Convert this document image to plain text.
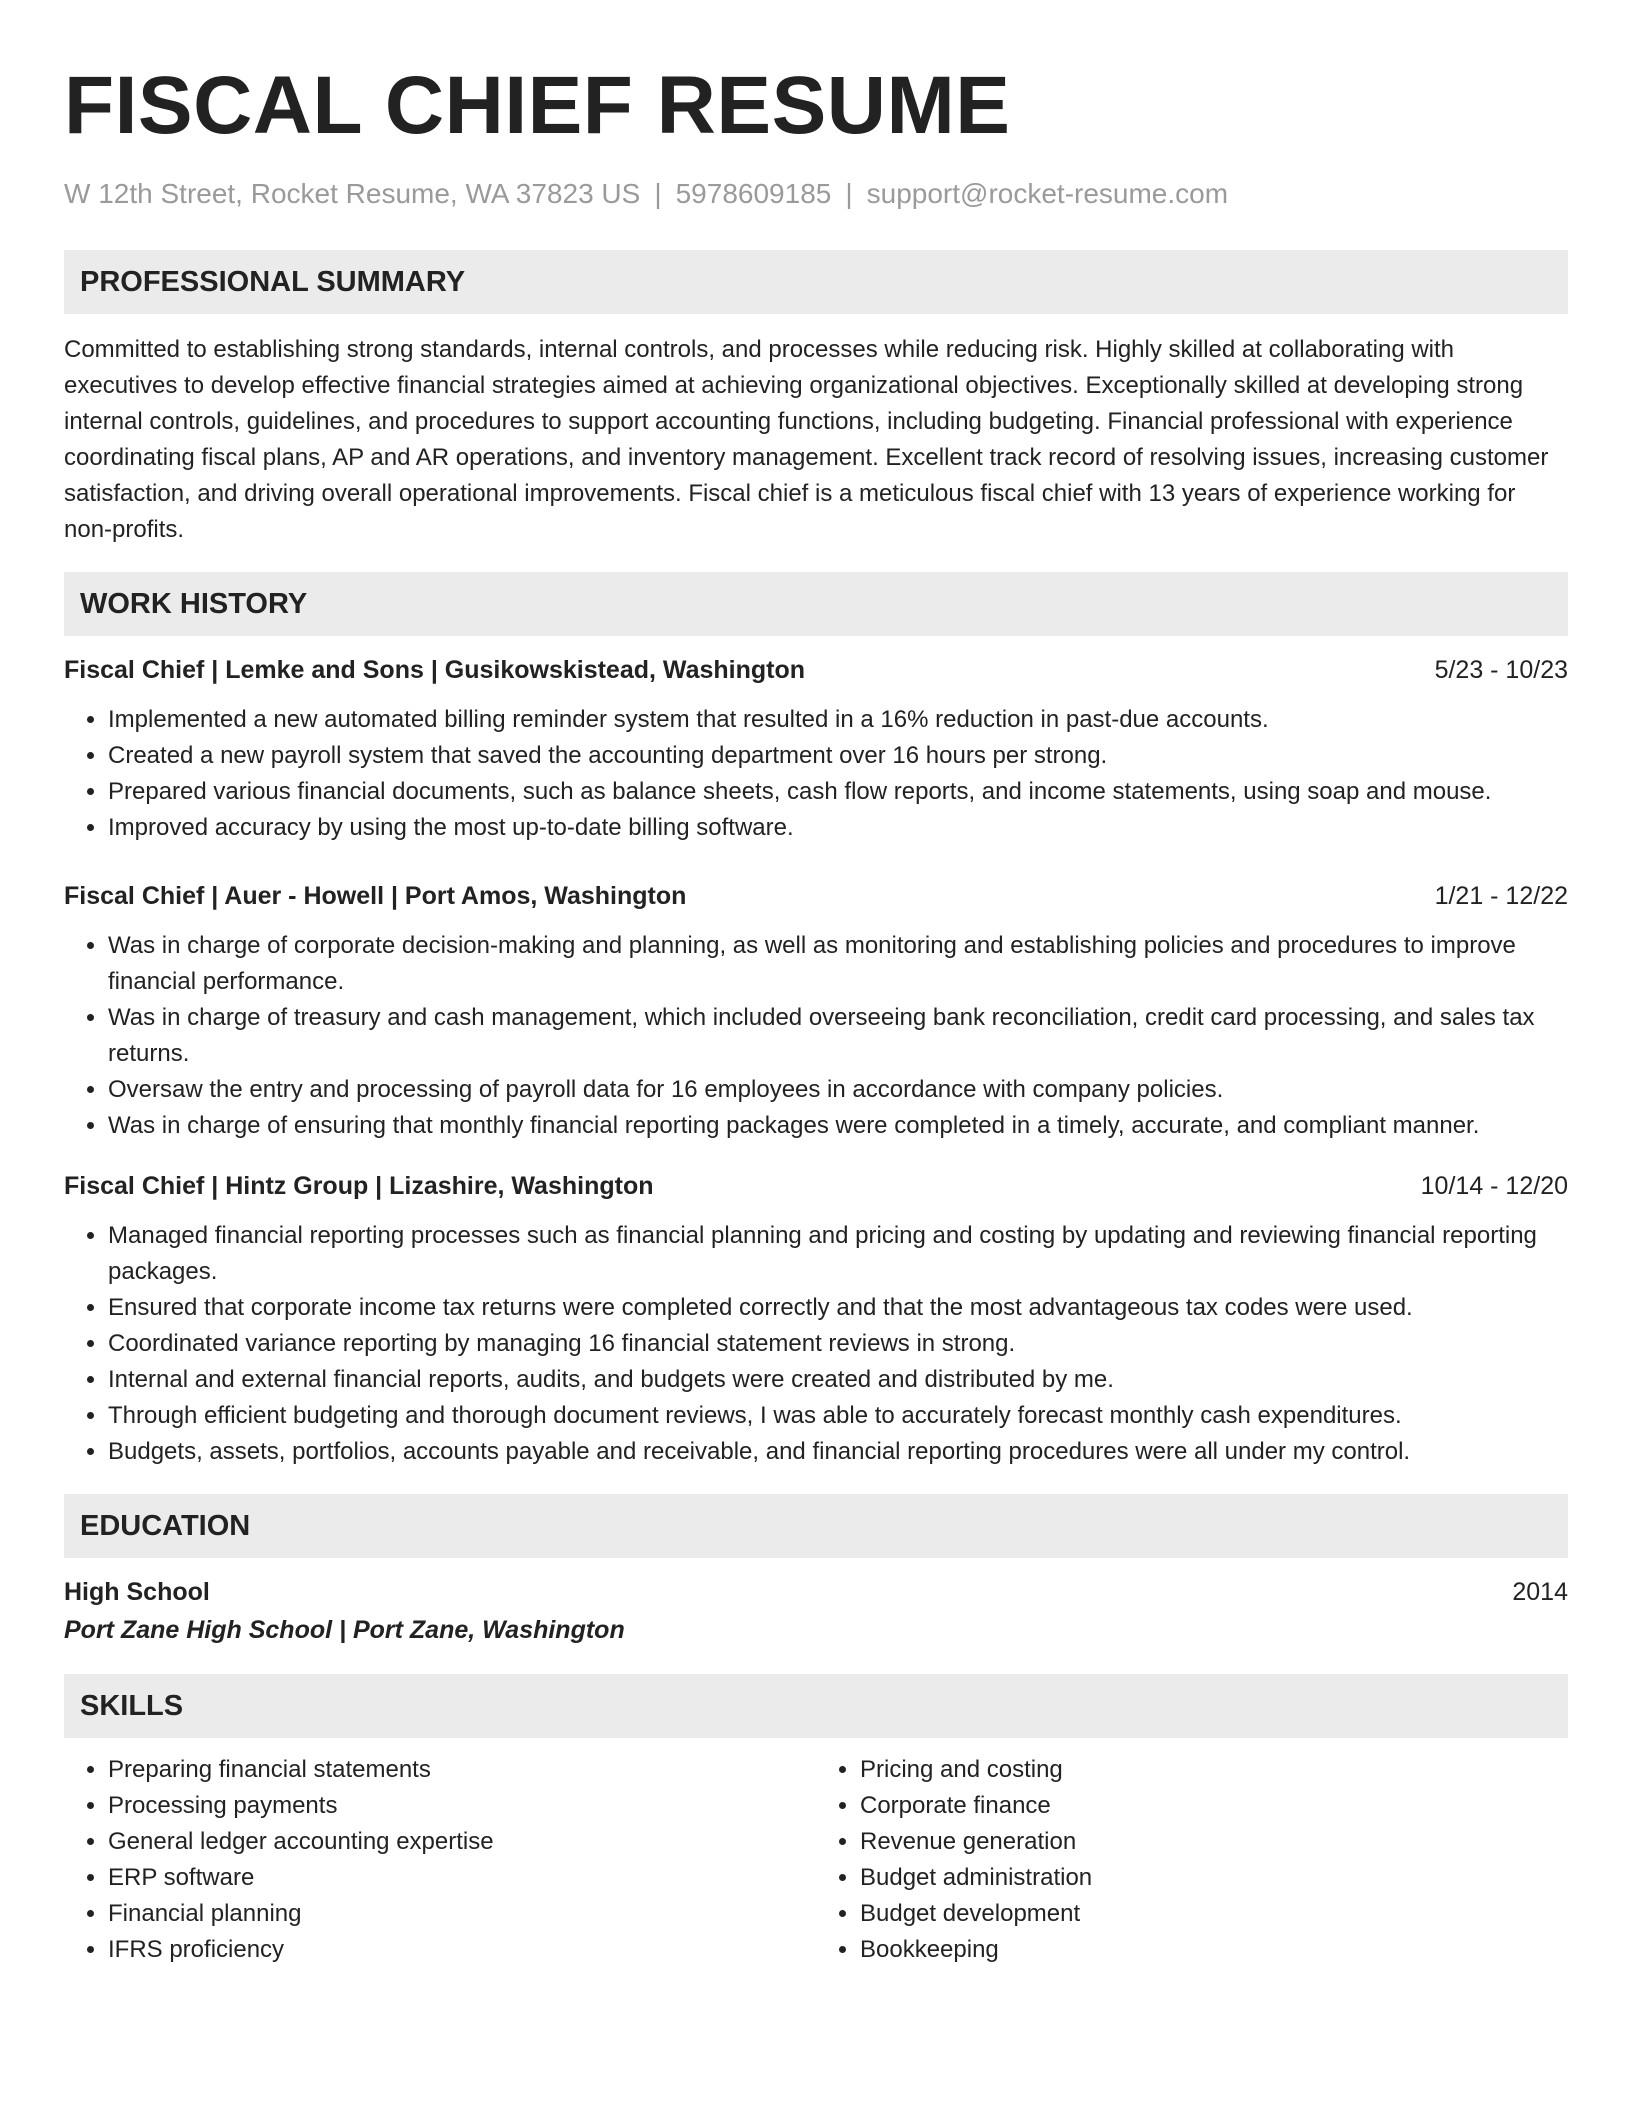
FISCAL CHIEF RESUME
W 12th Street, Rocket Resume, WA 37823 US | 5978609185 | support@rocket-resume.com
PROFESSIONAL SUMMARY
Committed to establishing strong standards, internal controls, and processes while reducing risk. Highly skilled at collaborating with executives to develop effective financial strategies aimed at achieving organizational objectives. Exceptionally skilled at developing strong internal controls, guidelines, and procedures to support accounting functions, including budgeting. Financial professional with experience coordinating fiscal plans, AP and AR operations, and inventory management. Excellent track record of resolving issues, increasing customer satisfaction, and driving overall operational improvements. Fiscal chief is a meticulous fiscal chief with 13 years of experience working for non-profits.
WORK HISTORY
Fiscal Chief | Lemke and Sons | Gusikowskistead, Washington	5/23 - 10/23
• Implemented a new automated billing reminder system that resulted in a 16% reduction in past-due accounts.
• Created a new payroll system that saved the accounting department over 16 hours per strong.
• Prepared various financial documents, such as balance sheets, cash flow reports, and income statements, using soap and mouse.
• Improved accuracy by using the most up-to-date billing software.
Fiscal Chief | Auer - Howell | Port Amos, Washington	1/21 - 12/22
• Was in charge of corporate decision-making and planning, as well as monitoring and establishing policies and procedures to improve financial performance.
• Was in charge of treasury and cash management, which included overseeing bank reconciliation, credit card processing, and sales tax returns.
• Oversaw the entry and processing of payroll data for 16 employees in accordance with company policies.
• Was in charge of ensuring that monthly financial reporting packages were completed in a timely, accurate, and compliant manner.
Fiscal Chief | Hintz Group | Lizashire, Washington	10/14 - 12/20
• Managed financial reporting processes such as financial planning and pricing and costing by updating and reviewing financial reporting packages.
• Ensured that corporate income tax returns were completed correctly and that the most advantageous tax codes were used.
• Coordinated variance reporting by managing 16 financial statement reviews in strong.
• Internal and external financial reports, audits, and budgets were created and distributed by me.
• Through efficient budgeting and thorough document reviews, I was able to accurately forecast monthly cash expenditures.
• Budgets, assets, portfolios, accounts payable and receivable, and financial reporting procedures were all under my control.
EDUCATION
High School	2014
Port Zane High School | Port Zane, Washington
SKILLS
• Preparing financial statements
• Processing payments
• General ledger accounting expertise
• ERP software
• Financial planning
• IFRS proficiency
• Pricing and costing
• Corporate finance
• Revenue generation
• Budget administration
• Budget development
• Bookkeeping
